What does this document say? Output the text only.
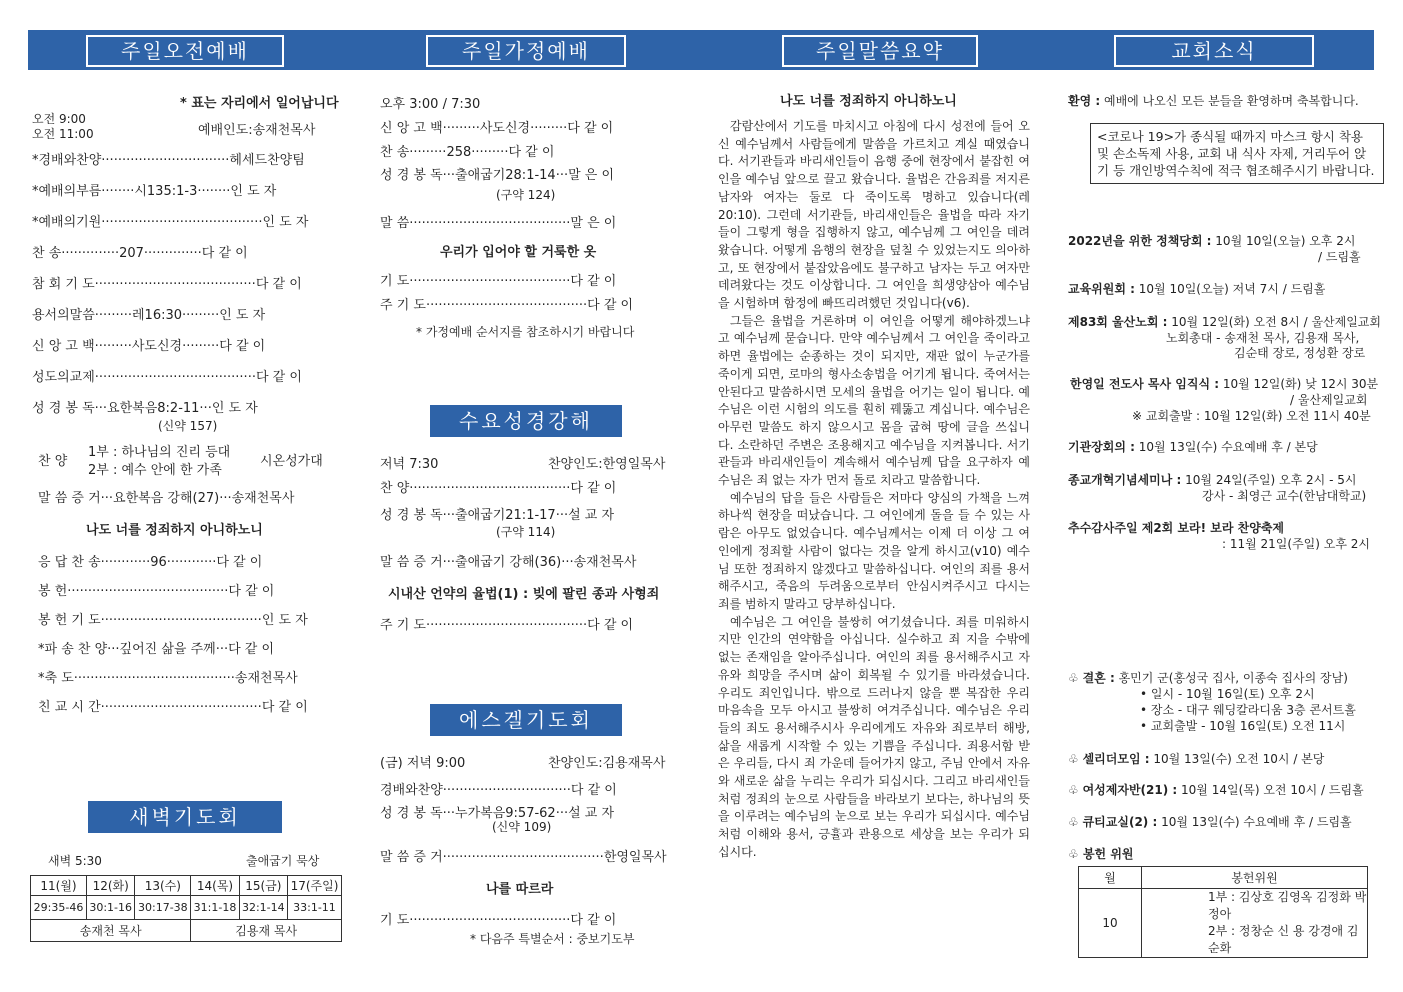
주일오전예배	주일가정예배	주일말씀요약	교회소식
* 표는 자리에서 일어납니다
오전 9:00
오전 11:00	예배인도:송재천목사
*경배와찬양·······························헤세드찬양팀
*예배의부름········시135:1-3········인 도 자
*예배의기원·······································인 도 자
찬 송··············207··············다 같 이
참 회 기 도·······································다 같 이
용서의말씀·········레16:30·········인 도 자
신 앙 고 백·········사도신경·········다 같 이
성도의교제·······································다 같 이
성 경 봉 독···요한복음8:2-11···인 도 자
(신약 157)
찬 양
1부 : 하나님의 진리 등대
2부 : 예수 안에 한 가족
시온성가대
말 씀 증 거···요한복음 강해(27)···송재천목사
나도 너를 정죄하지 아니하노니
응 답 찬 송············96············다 같 이
봉 헌·······································다 같 이
봉 헌 기 도·······································인 도 자
*파 송 찬 양···깊어진 삶을 주께···다 같 이
*축 도·······································송재천목사
친 교 시 간·······································다 같 이
새벽기도회
새벽 5:30	출애굽기 묵상
11(월)	12(화)	13(수)	14(목)	15(금)	17(주일)
29:35-46	30:1-16	30:17-38	31:1-18	32:1-14	33:1-11
송재천 목사			김용재 목사		
오후 3:00 / 7:30
신 앙 고 백·········사도신경·········다 같 이
찬 송·········258·········다 같 이
성 경 봉 독···출애굽기28:1-14···말 은 이
(구약 124)
말 씀·······································말 은 이
우리가 입어야 할 거룩한 옷
기 도·······································다 같 이
주 기 도·······································다 같 이
* 가정예배 순서지를 참조하시기 바랍니다
수요성경강해
저녁 7:30	찬양인도:한영일목사
찬 양·······································다 같 이
성 경 봉 독···출애굽기21:1-17···설 교 자
(구약 114)
말 씀 증 거···출애굽기 강해(36)···송재천목사
시내산 언약의 율법(1) : 빚에 팔린 종과 사형죄
주 기 도·······································다 같 이
에스겔기도회
(금) 저녁 9:00	찬양인도:김용재목사
경배와찬양·······························다 같 이
성 경 봉 독···누가복음9:57-62···설 교 자
(신약 109)
말 씀 증 거·······································한영일목사
나를 따르라
기 도·······································다 같 이
* 다음주 특별순서 : 중보기도부
나도 너를 정죄하지 아니하노니

감람산에서 기도를 마치시고 아침에 다시 성전에 들어 오신 예수님께서 사람들에게 말씀을 가르치고 계실 때였습니다. 서기관들과 바리새인들이 음행 중에 현장에서 붙잡힌 여인을 예수님 앞으로 끌고 왔습니다. 율법은 간음죄를 저지른 남자와 여자는 둘로 다 죽이도록 명하고 있습니다(레20:10). 그런데 서기관들, 바리새인들은 율법을 따라 자기들이 그렇게 형을 집행하지 않고, 예수님께 그 여인을 데려왔습니다. 어떻게 음행의 현장을 덮칠 수 있었는지도 의아하고, 또 현장에서 붙잡았음에도 불구하고 남자는 두고 여자만 데려왔다는 것도 이상합니다. 그 여인을 희생양삼아 예수님을 시험하며 함정에 빠뜨리려했던 것입니다(v6).

그들은 율법을 거론하며 이 여인을 어떻게 해야하겠느냐고 예수님께 묻습니다. 만약 예수님께서 그 여인을 죽이라고 하면 율법에는 순종하는 것이 되지만, 재판 없이 누군가를 죽이게 되면, 로마의 형사소송법을 어기게 됩니다. 죽여서는 안된다고 말씀하시면 모세의 율법을 어기는 일이 됩니다. 예수님은 이런 시험의 의도를 훤히 꿰뚫고 계십니다. 예수님은 아무런 말씀도 하지 않으시고 몸을 굽혀 땅에 글을 쓰십니다. 소란하던 주변은 조용해지고 예수님을 지켜봅니다. 서기관들과 바리새인들이 계속해서 예수님께 답을 요구하자 예수님은 죄 없는 자가 먼저 돌로 치라고 말씀합니다.

예수님의 답을 들은 사람들은 저마다 양심의 가책을 느껴 하나씩 현장을 떠났습니다. 그 여인에게 돌을 들 수 있는 사람은 아무도 없었습니다. 예수님께서는 이제 더 이상 그 여인에게 정죄할 사람이 없다는 것을 알게 하시고(v10) 예수님 또한 정죄하지 않겠다고 말씀하십니다. 여인의 죄를 용서해주시고, 죽음의 두려움으로부터 안심시켜주시고 다시는 죄를 범하지 말라고 당부하십니다.

예수님은 그 여인을 불쌍히 여기셨습니다. 죄를 미워하시지만 인간의 연약함을 아십니다. 실수하고 죄 지을 수밖에 없는 존재임을 알아주십니다. 여인의 죄를 용서해주시고 자유와 희망을 주시며 삶이 회복될 수 있기를 바라셨습니다. 우리도 죄인입니다. 밖으로 드러나지 않을 뿐 복잡한 우리 마음속을 모두 아시고 불쌍히 여겨주십니다. 예수님은 우리들의 죄도 용서해주시사 우리에게도 자유와 죄로부터 해방, 삶을 새롭게 시작할 수 있는 기쁨을 주십니다. 죄용서함 받은 우리들, 다시 죄 가운데 들어가지 않고, 주님 안에서 자유와 새로운 삶을 누리는 우리가 되십시다. 그리고 바리새인들처럼 정죄의 눈으로 사람들을 바라보기 보다는, 하나님의 뜻을 이루려는 예수님의 눈으로 보는 우리가 되십시다. 예수님처럼 이해와 용서, 긍휼과 관용으로 세상을 보는 우리가 되십시다.

환영 : 예배에 나오신 모든 분들을 환영하며 축복합니다.
<코로나 19>가 종식될 때까지 마스크 항시 착용 및 손소독제 사용, 교회 내 식사 자제, 거리두어 앉기 등 개인방역수칙에 적극 협조해주시기 바랍니다.
2022년을 위한 정책당회 : 10월 10일(오늘) 오후 2시
/ 드림홀
교육위원회 : 10월 10일(오늘) 저녁 7시 / 드림홀
제83회 울산노회 : 10월 12일(화) 오전 8시 / 울산제일교회
노회총대 - 송재천 목사, 김용재 목사,
김순태 장로, 정성환 장로
한영일 전도사 목사 임직식 : 10월 12일(화) 낮 12시 30분
/ 울산제일교회
※ 교회출발 : 10월 12일(화) 오전 11시 40분
기관장회의 : 10월 13일(수) 수요예배 후 / 본당
종교개혁기념세미나 : 10월 24일(주일) 오후 2시 - 5시
강사 - 최영근 교수(한남대학교)
추수감사주일 제2회 보라! 보라 찬양축제
: 11월 21일(주일) 오후 2시
♧ 결혼 : 홍민기 군(홍성국 집사, 이종숙 집사의 장남)
• 일시 - 10월 16일(토) 오후 2시
• 장소 - 대구 웨딩칼라디움 3층 콘서트홀
• 교회출발 - 10월 16일(토) 오전 11시
♧ 셀리더모임 : 10월 13일(수) 오전 10시 / 본당
♧ 여성제자반(21) : 10월 14일(목) 오전 10시 / 드림홀
♧ 큐티교실(2) : 10월 13일(수) 수요예배 후 / 드림홀
♧ 봉헌 위원
월	봉헌위원
10	1부 : 김상호 김영옥 김정화 박정아
2부 : 정창순 신 용 강경애 김순화
